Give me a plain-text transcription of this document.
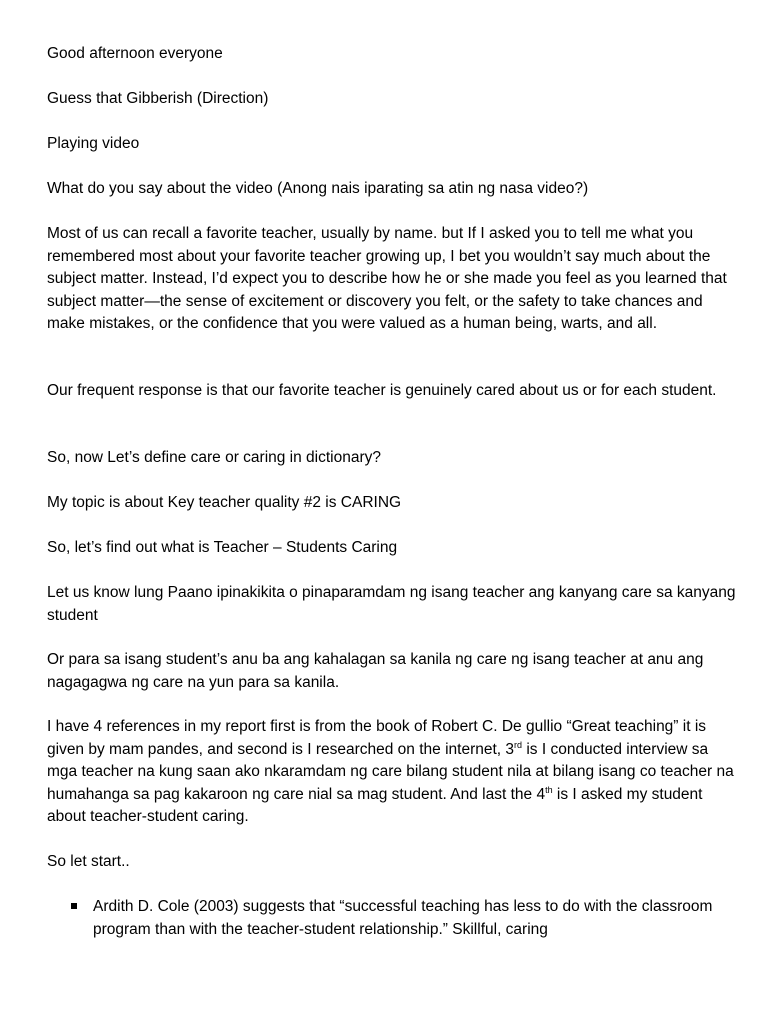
Good afternoon everyone

Guess that Gibberish (Direction)

Playing video

What do you say about the video (Anong nais iparating sa atin ng nasa video?)

Most of us can recall a favorite teacher, usually by name. but If I asked you to tell me what you remembered most about your favorite teacher growing up, I bet you wouldn’t say much about the subject matter. Instead, I’d expect you to describe how he or she made you feel as you learned that subject matter—the sense of excitement or discovery you felt, or the safety to take chances and make mistakes, or the confidence that you were valued as a human being, warts, and all.

Our frequent response is that our favorite teacher is genuinely cared about us or for each student.

So, now Let’s define care or caring in dictionary?

My topic is about Key teacher quality #2 is CARING

So, let’s find out what is Teacher – Students Caring

Let us know lung Paano ipinakikita o pinaparamdam ng isang teacher ang kanyang care sa kanyang student

Or para sa isang student’s anu ba ang kahalagan sa kanila ng care ng isang teacher at anu ang nagagagwa ng care na yun para sa kanila.

I have 4 references in my report first is from the book of Robert C. De gullio “Great teaching” it is given by mam pandes, and second is I researched on the internet, 3rd is I conducted interview sa mga teacher na kung saan ako nkaramdam ng care bilang student nila at bilang isang co teacher na humahanga sa pag kakaroon ng care nial sa mag student. And last the 4th is I asked my student about teacher-student caring.

So let start..

Ardith D. Cole (2003) suggests that “successful teaching has less to do with the classroom program than with the teacher-student relationship.” Skillful, caring
